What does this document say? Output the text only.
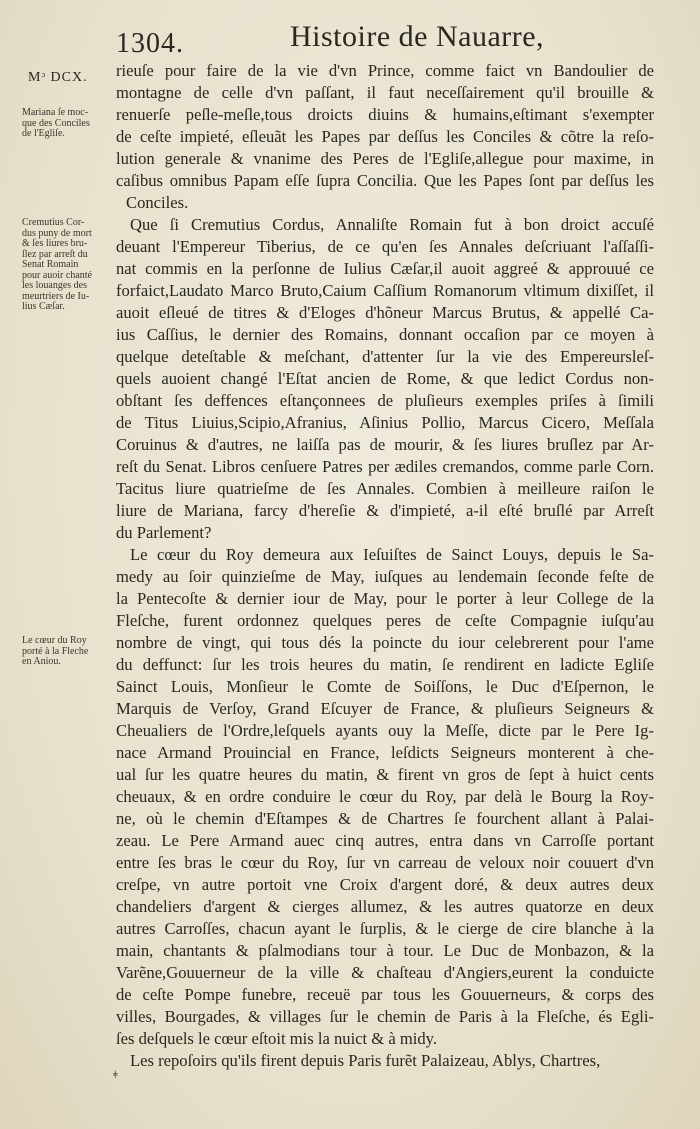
1304.	Histoire de Nauarre,
Mᵓ DCX.
Mariana ſe moc-
que des Conciles
de l'Egliſe.
Cremutius Cor-
dus puny de mort
& ſes liures bru-
ſlez par arreſt du
Senat Romain
pour auoir chanté
les louanges des
meurtriers de Iu-
lius Cæſar.
Le cœur du Roy
porté à la Fleche
en Aniou.
rieuſe pour faire de la vie d'vn Prince, comme faict vn Bandoulier de
montagne de celle d'vn paſſant, il faut neceſſairement qu'il brouille &
renuerſe peſle-meſle,tous droicts diuins & humains,eſtimant s'exempter
de ceſte impieté, eſleuãt les Papes par deſſus les Conciles & cõtre la reſo-
lution generale & vnanime des Peres de l'Egliſe,allegue pour maxime, in
caſibus omnibus Papam eſſe ſupra Concilia. Que les Papes ſont par deſſus les
Conciles.
Que ſi Cremutius Cordus, Annaliſte Romain fut à bon droict accuſé
deuant l'Empereur Tiberius, de ce qu'en ſes Annales deſcriuant l'aſſaſſi-
nat commis en la perſonne de Iulius Cæſar,il auoit aggreé & approuué ce
forfaict,Laudato Marco Bruto,Caium Caſſium Romanorum vltimum dixiſſet, il
auoit eſleué de titres & d'Eloges d'hõneur Marcus Brutus, & appellé Ca-
ius Caſſius, le dernier des Romains, donnant occaſion par ce moyen à
quelque deteſtable & meſchant, d'attenter ſur la vie des Empereursleſ-
quels auoient changé l'Eſtat ancien de Rome, & que ledict Cordus non-
obſtant ſes deffences eſtançonnees de pluſieurs exemples priſes à ſimili
de Titus Liuius,Scipio,Afranius, Aſinius Pollio, Marcus Cicero, Meſſala
Coruinus & d'autres, ne laiſſa pas de mourir, & ſes liures bruſlez par Ar-
reſt du Senat. Libros cenſuere Patres per ædiles cremandos, comme parle Corn.
Tacitus liure quatrieſme de ſes Annales. Combien à meilleure raiſon le
liure de Mariana, farcy d'hereſie & d'impieté, a-il eſté bruſlé par Arreſt
du Parlement?
Le cœur du Roy demeura aux Ieſuiſtes de Sainct Louys, depuis le Sa-
medy au ſoir quinzieſme de May, iuſques au lendemain ſeconde feſte de
la Pentecoſte & dernier iour de May, pour le porter à leur College de la
Fleſche, furent ordonnez quelques peres de ceſte Compagnie iuſqu'au
nombre de vingt, qui tous dés la poincte du iour celebrerent pour l'ame
du deffunct: ſur les trois heures du matin, ſe rendirent en ladicte Egliſe
Sainct Louis, Monſieur le Comte de Soiſſons, le Duc d'Eſpernon, le
Marquis de Verſoy, Grand Eſcuyer de France, & pluſieurs Seigneurs &
Cheualiers de l'Ordre,leſquels ayants ouy la Meſſe, dicte par le Pere Ig-
nace Armand Prouincial en France, leſdicts Seigneurs monterent à che-
ual ſur les quatre heures du matin, & firent vn gros de ſept à huict cents
cheuaux, & en ordre conduire le cœur du Roy, par delà le Bourg la Roy-
ne, où le chemin d'Eſtampes & de Chartres ſe fourchent allant à Palai-
zeau. Le Pere Armand auec cinq autres, entra dans vn Carroſſe portant
entre ſes bras le cœur du Roy, ſur vn carreau de veloux noir couuert d'vn
creſpe, vn autre portoit vne Croix d'argent doré, & deux autres deux
chandeliers d'argent & cierges allumez, & les autres quatorze en deux
autres Carroſſes, chacun ayant le ſurplis, & le cierge de cire blanche à la
main, chantants & pſalmodians tour à tour. Le Duc de Monbazon, & la
Varẽne,Gouuerneur de la ville & chaſteau d'Angiers,eurent la conduicte
de ceſte Pompe funebre, receuë par tous les Gouuerneurs, & corps des
villes, Bourgades, & villages ſur le chemin de Paris à la Fleſche, és Egli-
ſes deſquels le cœur eſtoit mis la nuict & à midy.
Les repoſoirs qu'ils firent depuis Paris furẽt Palaizeau, Ablys, Chartres,
ǂ
